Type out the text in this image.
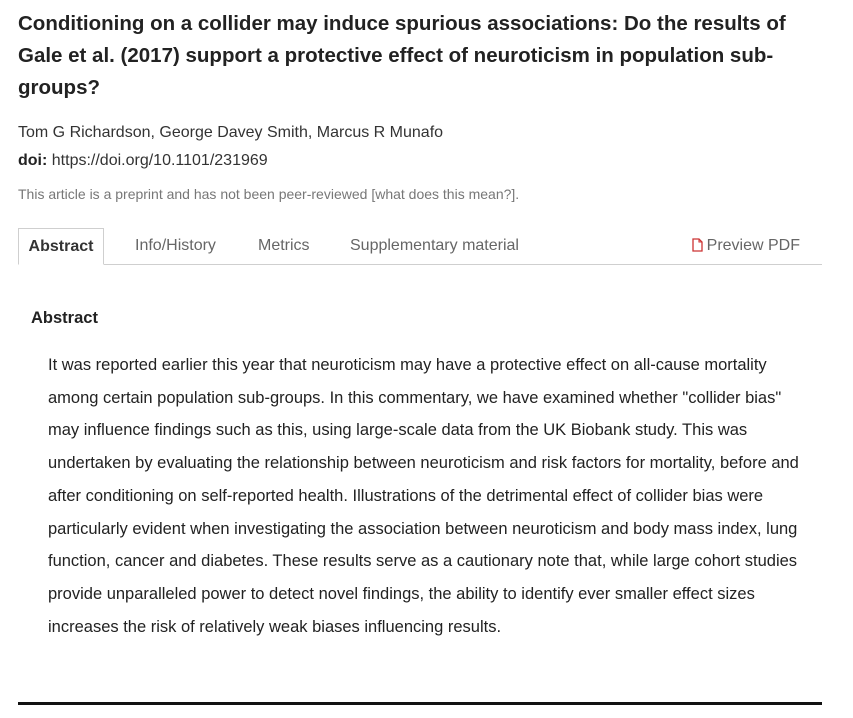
Conditioning on a collider may induce spurious associations: Do the results of Gale et al. (2017) support a protective effect of neuroticism in population sub-groups?
Tom G Richardson, George Davey Smith, Marcus R Munafo
doi: https://doi.org/10.1101/231969
This article is a preprint and has not been peer-reviewed [what does this mean?].
Abstract	Info/History	Metrics	Supplementary material	Preview PDF
Abstract

It was reported earlier this year that neuroticism may have a protective effect on all-cause mortality among certain population sub-groups. In this commentary, we have examined whether "collider bias" may influence findings such as this, using large-scale data from the UK Biobank study. This was undertaken by evaluating the relationship between neuroticism and risk factors for mortality, before and after conditioning on self-reported health. Illustrations of the detrimental effect of collider bias were particularly evident when investigating the association between neuroticism and body mass index, lung function, cancer and diabetes. These results serve as a cautionary note that, while large cohort studies provide unparalleled power to detect novel findings, the ability to identify ever smaller effect sizes increases the risk of relatively weak biases influencing results.
